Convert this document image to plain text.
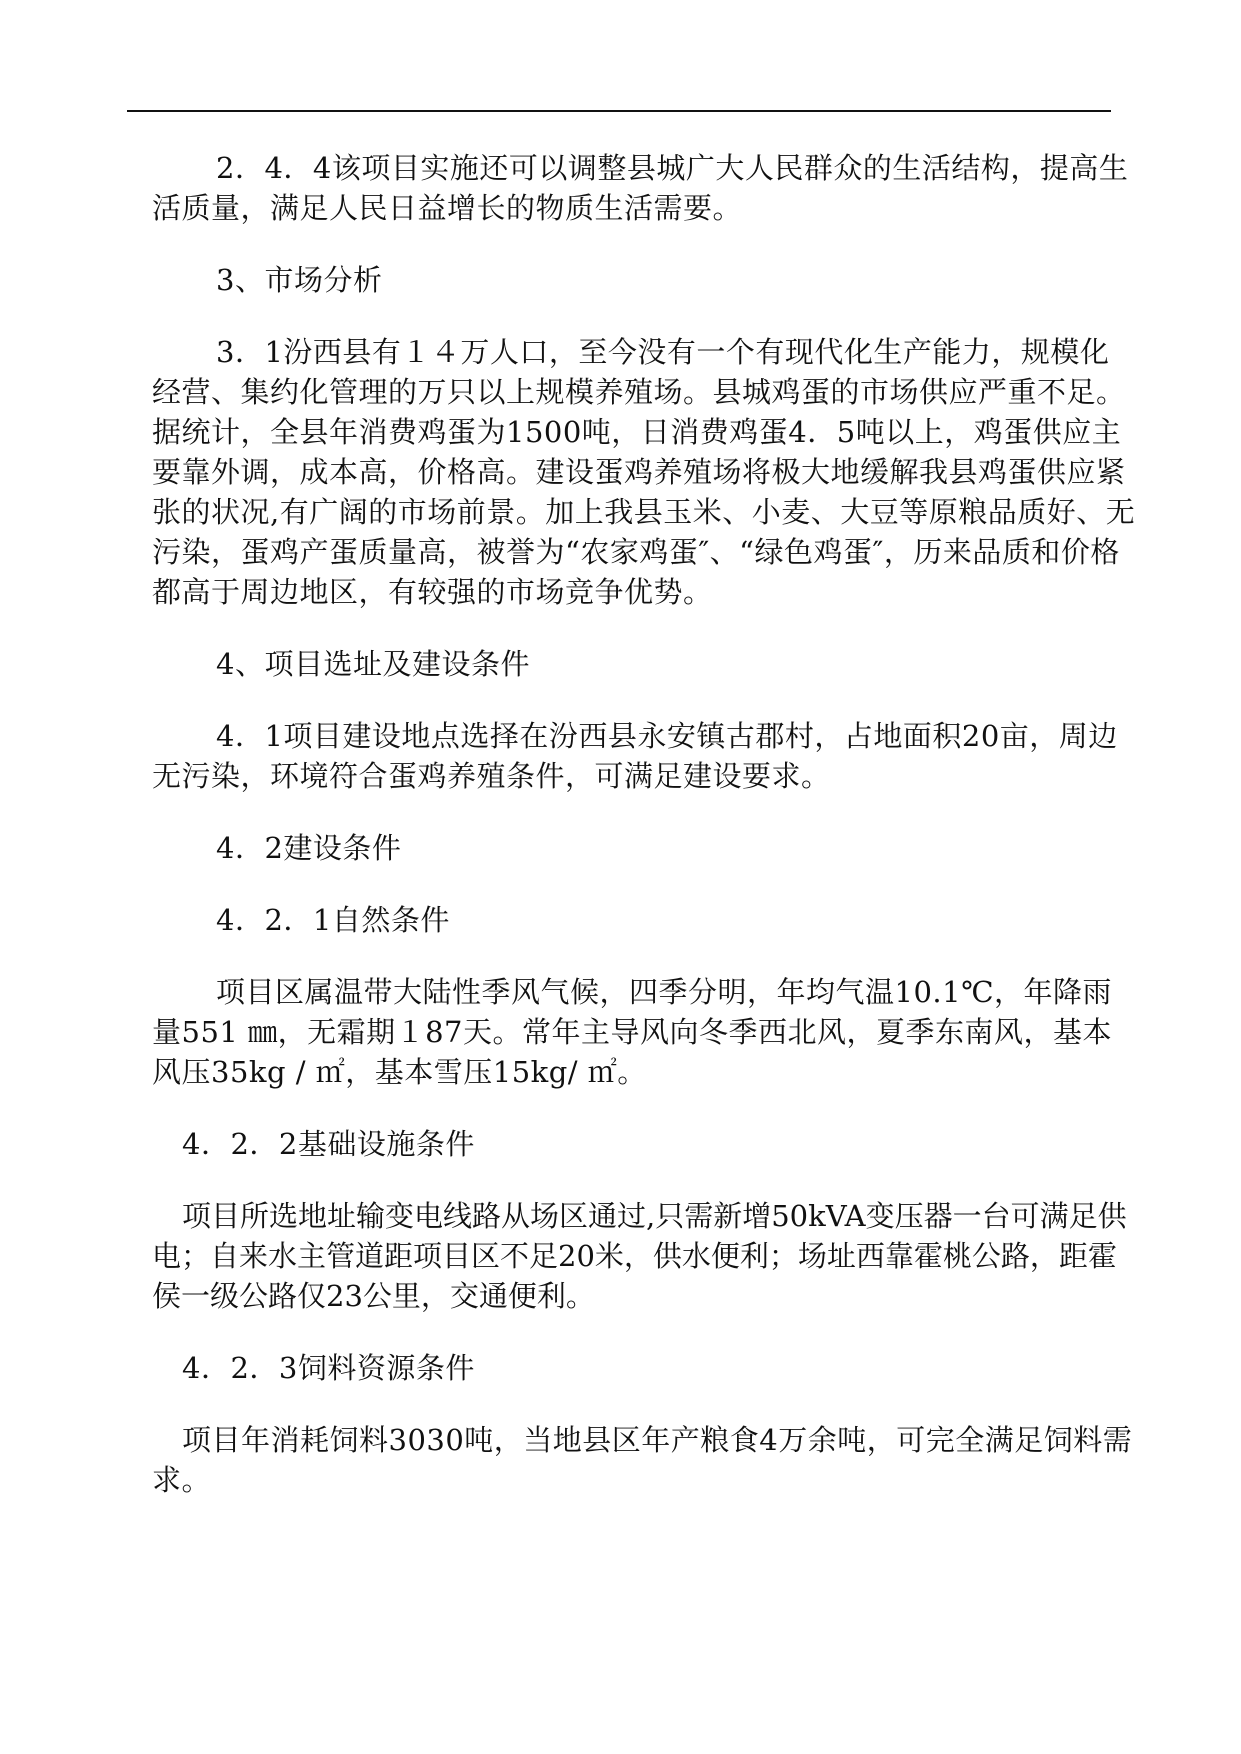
2．4．4该项目实施还可以调整县城广大人民群众的生活结构，提高生活质量，满足人民日益增长的物质生活需要。

3、市场分析

3．1汾西县有１４万人口，至今没有一个有现代化生产能力，规模化经营、集约化管理的万只以上规模养殖场。县城鸡蛋的市场供应严重不足。据统计，全县年消费鸡蛋为1500吨，日消费鸡蛋4．5吨以上，鸡蛋供应主要靠外调，成本高，价格高。建设蛋鸡养殖场将极大地缓解我县鸡蛋供应紧张的状况,有广阔的市场前景。加上我县玉米、小麦、大豆等原粮品质好、无污染，蛋鸡产蛋质量高，被誉为“农家鸡蛋″、“绿色鸡蛋″，历来品质和价格都高于周边地区，有较强的市场竞争优势。

4、项目选址及建设条件

4．1项目建设地点选择在汾西县永安镇古郡村，占地面积20亩，周边无污染，环境符合蛋鸡养殖条件，可满足建设要求。

4．2建设条件

4．2．1自然条件

项目区属温带大陆性季风气候，四季分明，年均气温10.1℃，年降雨量551 ㎜，无霜期１87天。常年主导风向冬季西北风，夏季东南风，基本风压35kg / ㎡，基本雪压15kg/ ㎡。

4．2．2基础设施条件

项目所选地址输变电线路从场区通过,只需新增50kVA变压器一台可满足供电；自来水主管道距项目区不足20米，供水便利；场址西靠霍桃公路，距霍侯一级公路仅23公里，交通便利。

4．2．3饲料资源条件

项目年消耗饲料3030吨，当地县区年产粮食4万余吨，可完全满足饲料需求。
